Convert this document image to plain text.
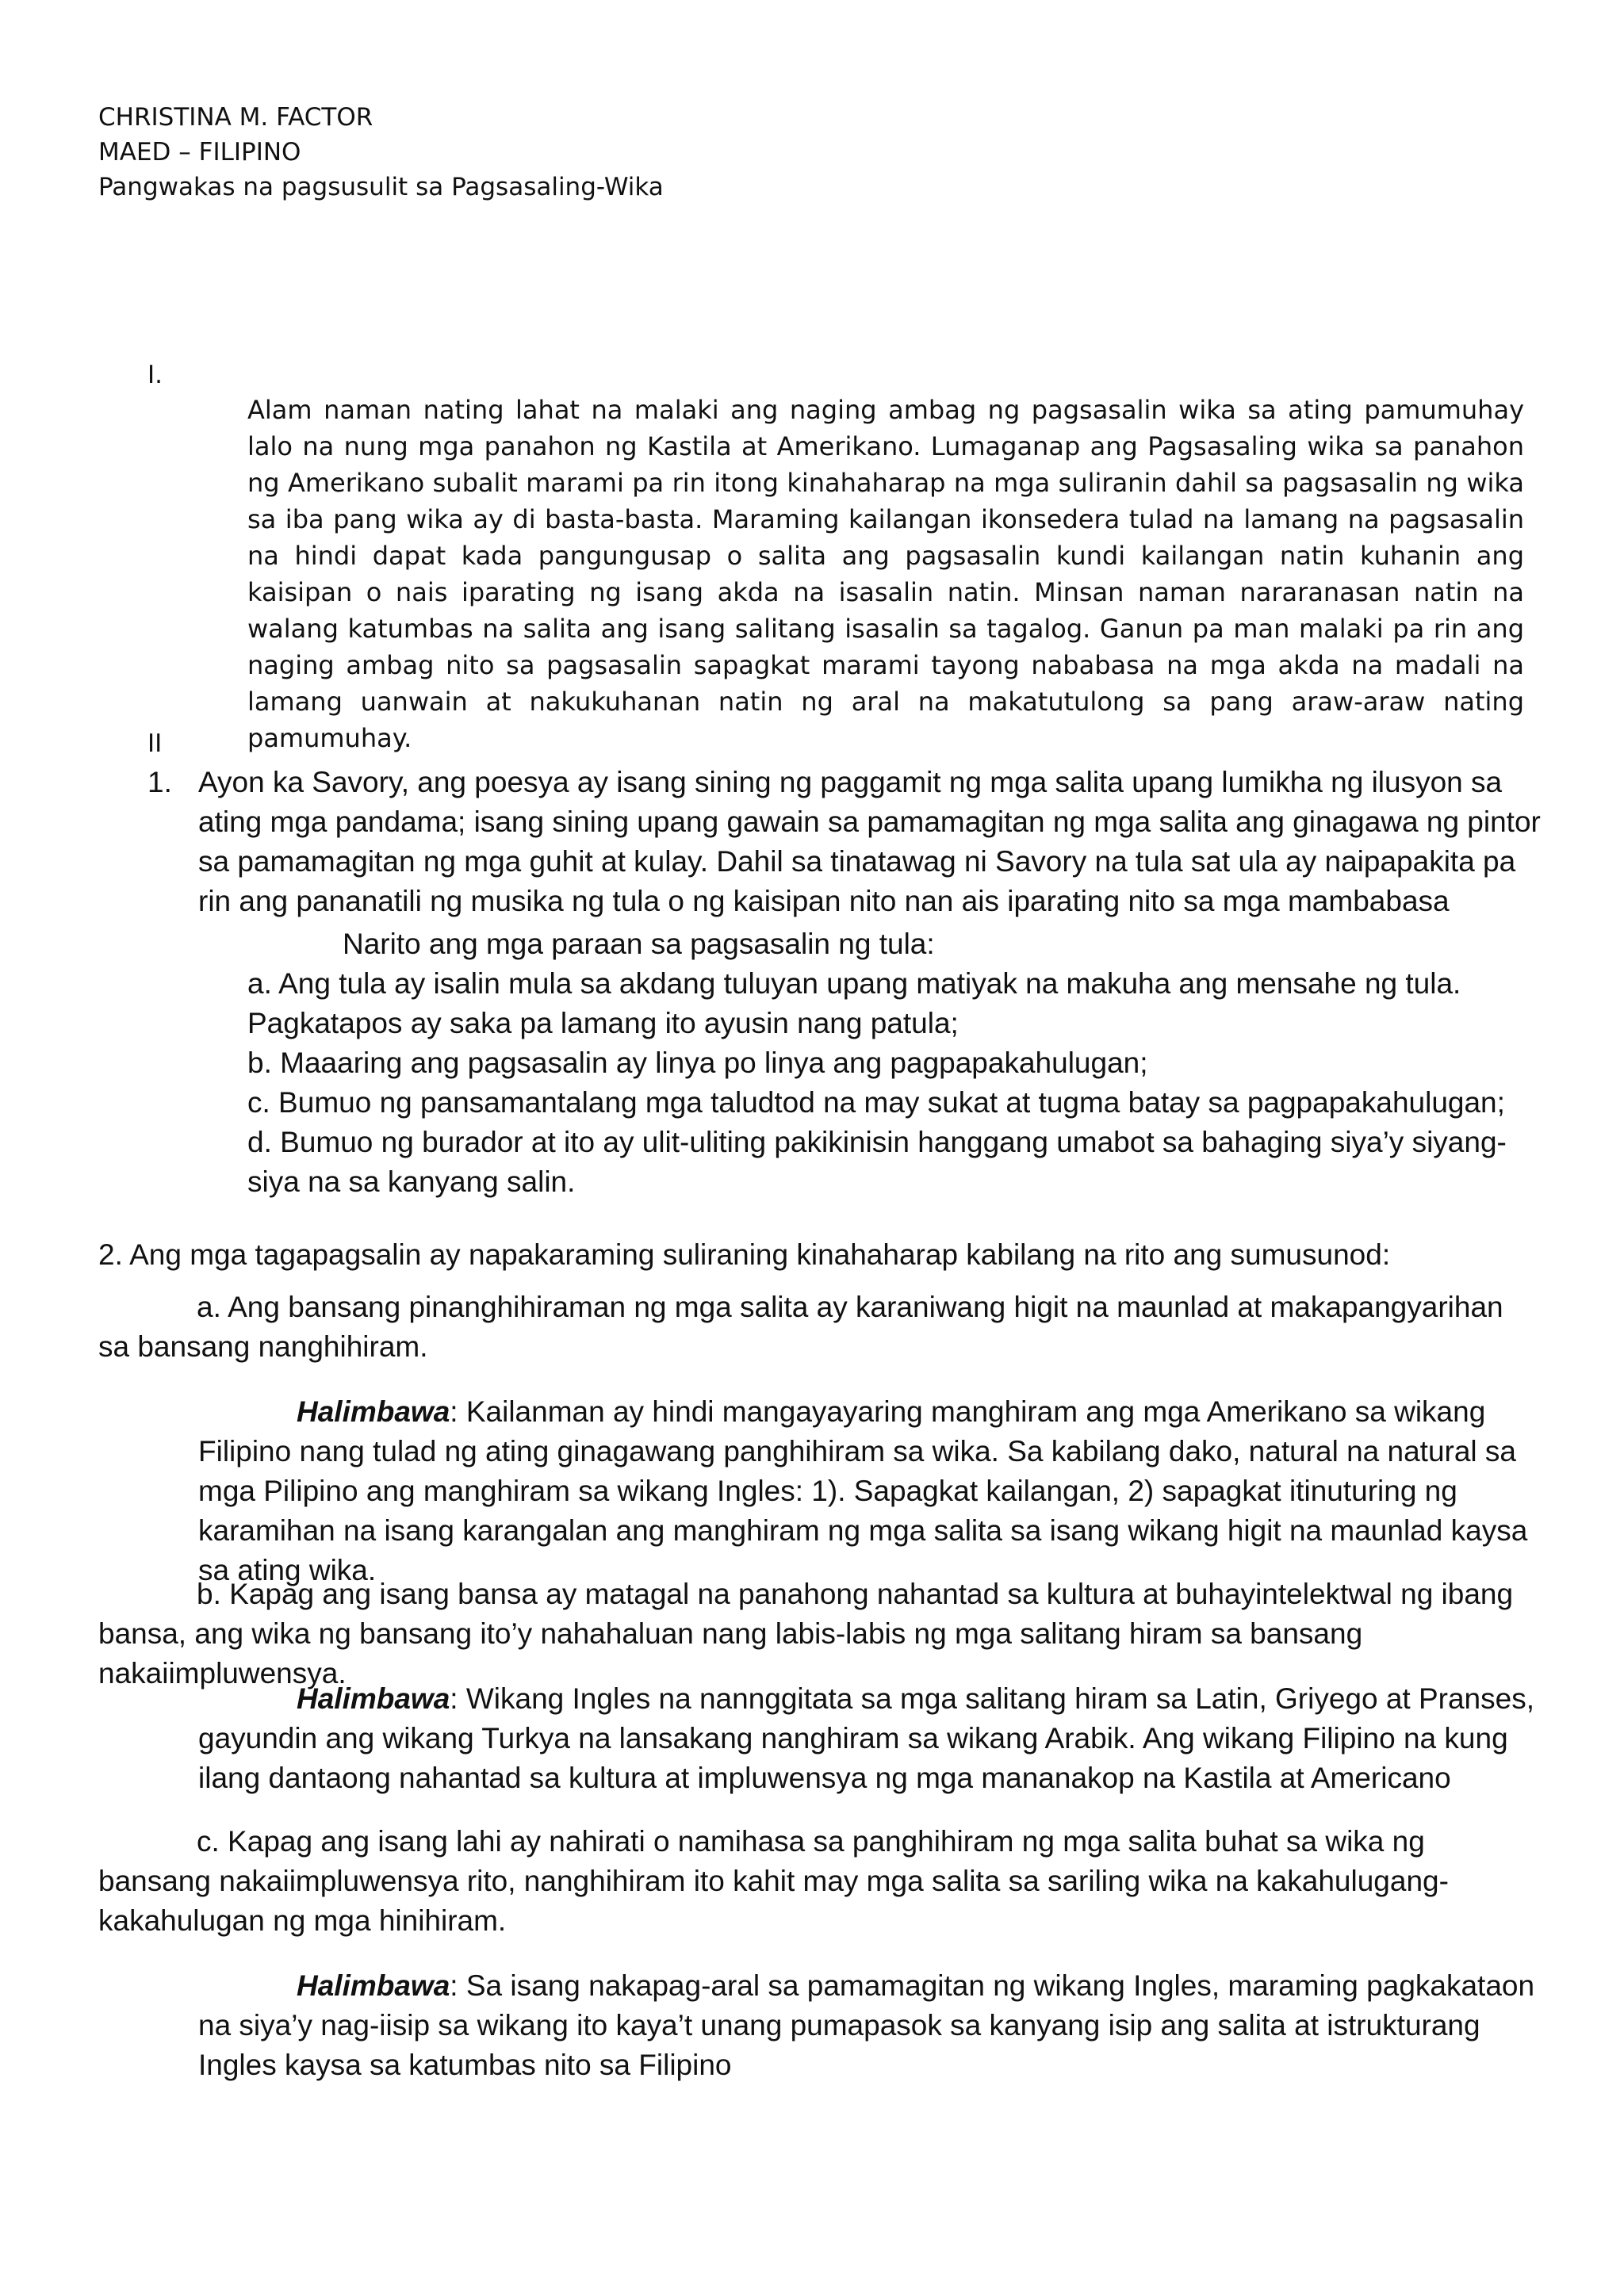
CHRISTINA M. FACTOR
MAED – FILIPINO
Pangwakas na pagsusulit sa Pagsasaling-Wika
I.
Alam naman nating lahat na malaki ang naging ambag ng pagsasalin wika sa ating pamumuhay lalo na nung mga panahon ng Kastila at Amerikano. Lumaganap ang Pagsasaling wika sa panahon ng Amerikano subalit marami pa rin itong kinahaharap na mga suliranin dahil sa pagsasalin ng wika sa iba pang wika ay di basta-basta. Maraming kailangan ikonsedera tulad na lamang na pagsasalin na hindi dapat kada pangungusap o salita ang pagsasalin kundi kailangan natin kuhanin ang kaisipan o nais iparating ng isang akda na isasalin natin. Minsan naman nararanasan natin na walang katumbas na salita ang isang salitang isasalin sa tagalog. Ganun pa man malaki pa rin ang naging ambag nito sa pagsasalin sapagkat marami tayong nababasa na mga akda na madali na lamang uanwain at nakukuhanan natin ng aral na makatutulong sa pang araw-araw nating pamumuhay.
II
1. Ayon ka Savory, ang poesya ay isang sining ng paggamit ng mga salita upang lumikha ng ilusyon sa ating mga pandama; isang sining upang gawain sa pamamagitan ng mga salita ang ginagawa ng pintor sa pamamagitan ng mga guhit at kulay. Dahil sa tinatawag ni Savory na tula sat ula ay naipapakita pa rin ang pananatili ng musika ng tula o ng kaisipan nito nan ais iparating nito sa mga mambabasa
Narito ang mga paraan sa pagsasalin ng tula:
a. Ang tula ay isalin mula sa akdang tuluyan upang matiyak na makuha ang mensahe ng tula. Pagkatapos ay saka pa lamang ito ayusin nang patula;
b. Maaaring ang pagsasalin ay linya po linya ang pagpapakahulugan;
c. Bumuo ng pansamantalang mga taludtod na may sukat at tugma batay sa pagpapakahulugan;
d. Bumuo ng burador at ito ay ulit-uliting pakikinisin hanggang umabot sa bahaging siya’y siyang-siya na sa kanyang salin.
2. Ang mga tagapagsalin ay napakaraming suliraning kinahaharap kabilang na rito ang sumusunod:
a. Ang bansang pinanghihiraman ng mga salita ay karaniwang higit na maunlad at makapangyarihan sa bansang nanghihiram.
Halimbawa: Kailanman ay hindi mangayayaring manghiram ang mga Amerikano sa wikang Filipino nang tulad ng ating ginagawang panghihiram sa wika. Sa kabilang dako, natural na natural sa mga Pilipino ang manghiram sa wikang Ingles: 1). Sapagkat kailangan, 2) sapagkat itinuturing ng karamihan na isang karangalan ang manghiram ng mga salita sa isang wikang higit na maunlad kaysa sa ating wika.
b. Kapag ang isang bansa ay matagal na panahong nahantad sa kultura at buhayintelektwal ng ibang bansa, ang wika ng bansang ito’y nahahaluan nang labis-labis ng mga salitang hiram sa bansang nakaiimpluwensya.
Halimbawa: Wikang Ingles na nannggitata sa mga salitang hiram sa Latin, Griyego at Pranses, gayundin ang wikang Turkya na lansakang nanghiram sa wikang Arabik. Ang wikang Filipino na kung ilang dantaong nahantad sa kultura at impluwensya ng mga mananakop na Kastila at Americano
c. Kapag ang isang lahi ay nahirati o namihasa sa panghihiram ng mga salita buhat sa wika ng bansang nakaiimpluwensya rito, nanghihiram ito kahit may mga salita sa sariling wika na kakahulugang-kakahulugan ng mga hinihiram.
Halimbawa: Sa isang nakapag-aral sa pamamagitan ng wikang Ingles, maraming pagkakataon na siya’y nag-iisip sa wikang ito kaya’t unang pumapasok sa kanyang isip ang salita at istrukturang Ingles kaysa sa katumbas nito sa Filipino
